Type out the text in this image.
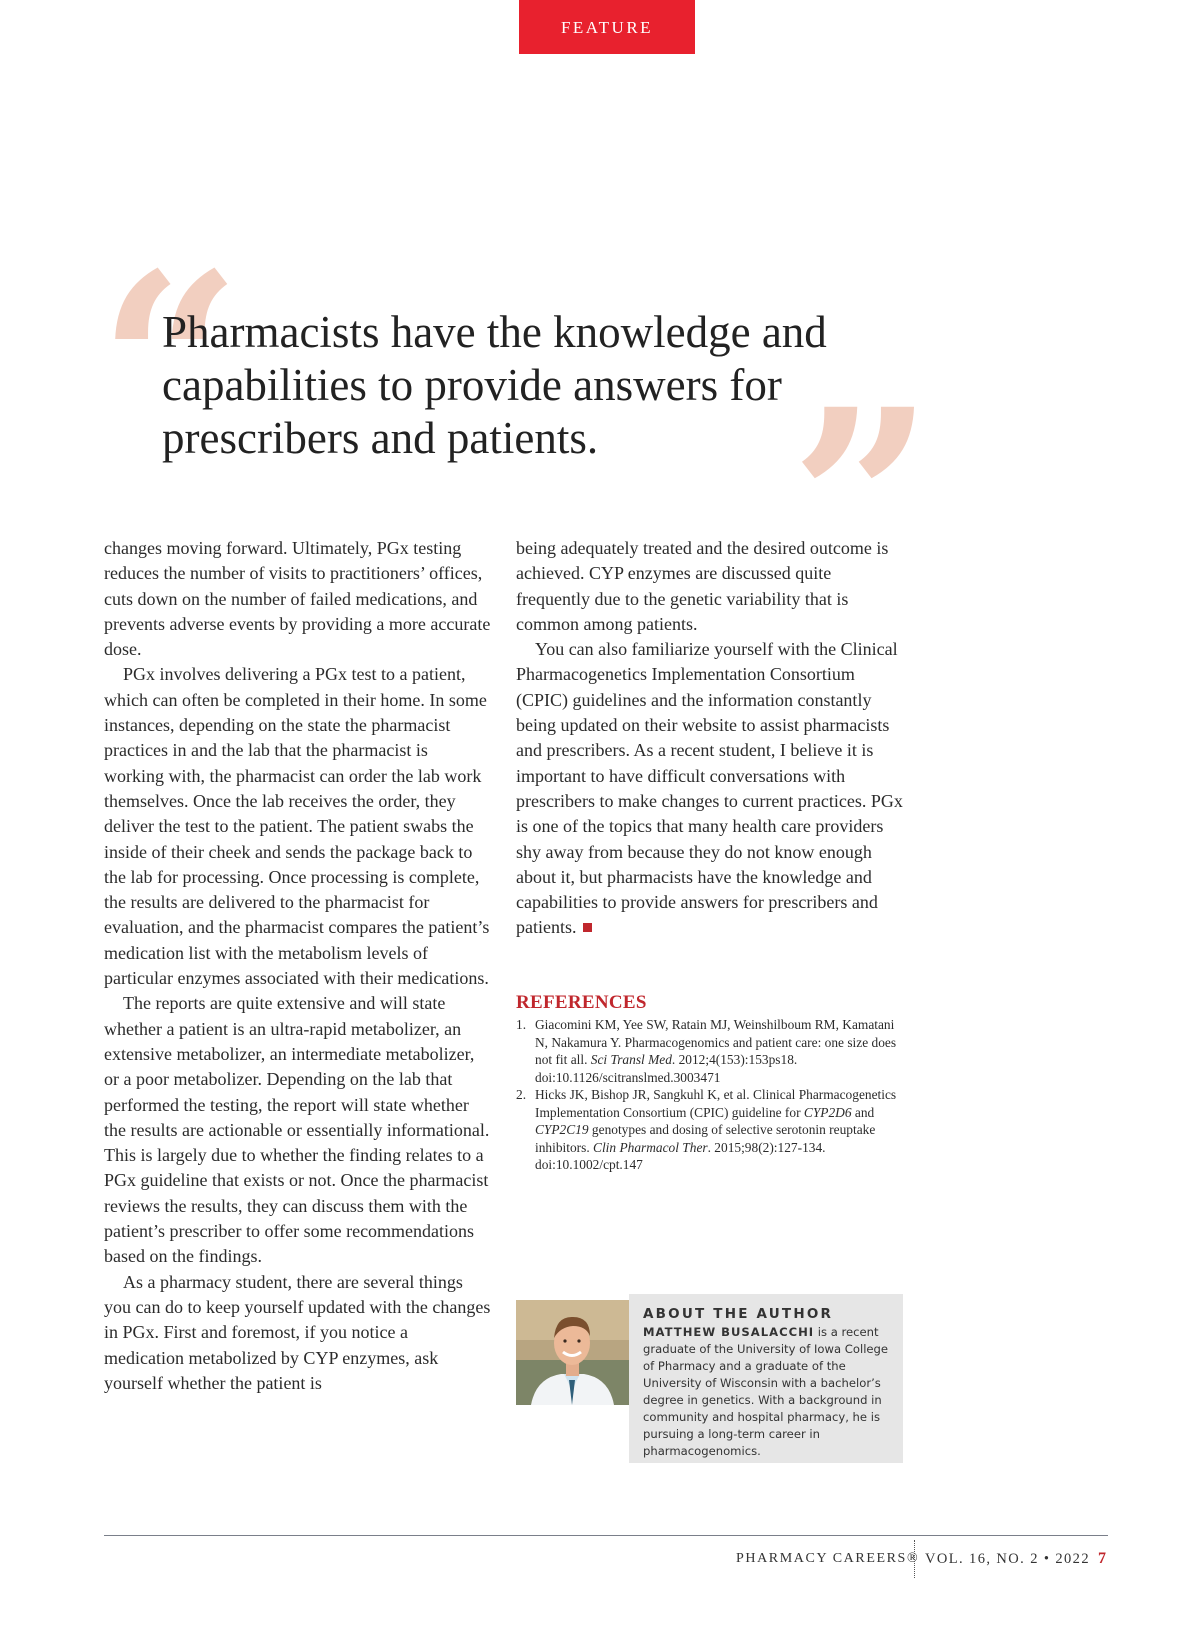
FEATURE
“ ”
Pharmacists have the knowledge and capabilities to provide answers for prescribers and patients.

changes moving forward. Ultimately, PGx testing reduces the number of visits to practitioners’ offices, cuts down on the number of failed medications, and prevents adverse events by providing a more accurate dose.

PGx involves delivering a PGx test to a patient, which can often be completed in their home. In some instances, depending on the state the pharmacist practices in and the lab that the pharmacist is working with, the pharmacist can order the lab work themselves. Once the lab receives the order, they deliver the test to the patient. The patient swabs the inside of their cheek and sends the package back to the lab for processing. Once processing is complete, the results are delivered to the pharmacist for evaluation, and the pharmacist compares the patient’s medication list with the metabolism levels of particular enzymes associated with their medications.

The reports are quite extensive and will state whether a patient is an ultra-rapid metabolizer, an extensive metabolizer, an intermediate metabolizer, or a poor metabolizer. Depending on the lab that performed the testing, the report will state whether the results are actionable or essentially informational. This is largely due to whether the finding relates to a PGx guideline that exists or not. Once the pharmacist reviews the results, they can discuss them with the patient’s prescriber to offer some recommendations based on the findings.

As a pharmacy student, there are several things you can do to keep yourself updated with the changes in PGx. First and foremost, if you notice a medication metabolized by CYP enzymes, ask yourself whether the patient is

being adequately treated and the desired outcome is achieved. CYP enzymes are discussed quite frequently due to the genetic variability that is common among patients.

You can also familiarize yourself with the Clinical Pharmacogenetics Implementation Consortium (CPIC) guidelines and the information constantly being updated on their website to assist pharmacists and prescribers. As a recent student, I believe it is important to have difficult conversations with prescribers to make changes to current practices. PGx is one of the topics that many health care providers shy away from because they do not know enough about it, but pharmacists have the knowledge and capabilities to provide answers for prescribers and patients.

REFERENCES
1. Giacomini KM, Yee SW, Ratain MJ, Weinshilboum RM, Kamatani N, Nakamura Y. Pharmacogenomics and patient care: one size does not fit all. Sci Transl Med. 2012;4(153):153ps18. doi:10.1126/scitranslmed.3003471
2. Hicks JK, Bishop JR, Sangkuhl K, et al. Clinical Pharmacogenetics Implementation Consortium (CPIC) guideline for CYP2D6 and CYP2C19 genotypes and dosing of selective serotonin reuptake inhibitors. Clin Pharmacol Ther. 2015;98(2):127-134. doi:10.1002/cpt.147
ABOUT THE AUTHOR

MATTHEW BUSALACCHI is a recent graduate of the University of Iowa College of Pharmacy and a graduate of the University of Wisconsin with a bachelor’s degree in genetics. With a background in community and hospital pharmacy, he is pursuing a long-term career in pharmacogenomics.

PHARMACY CAREERS® VOL. 16, NO. 2 • 2022 7
